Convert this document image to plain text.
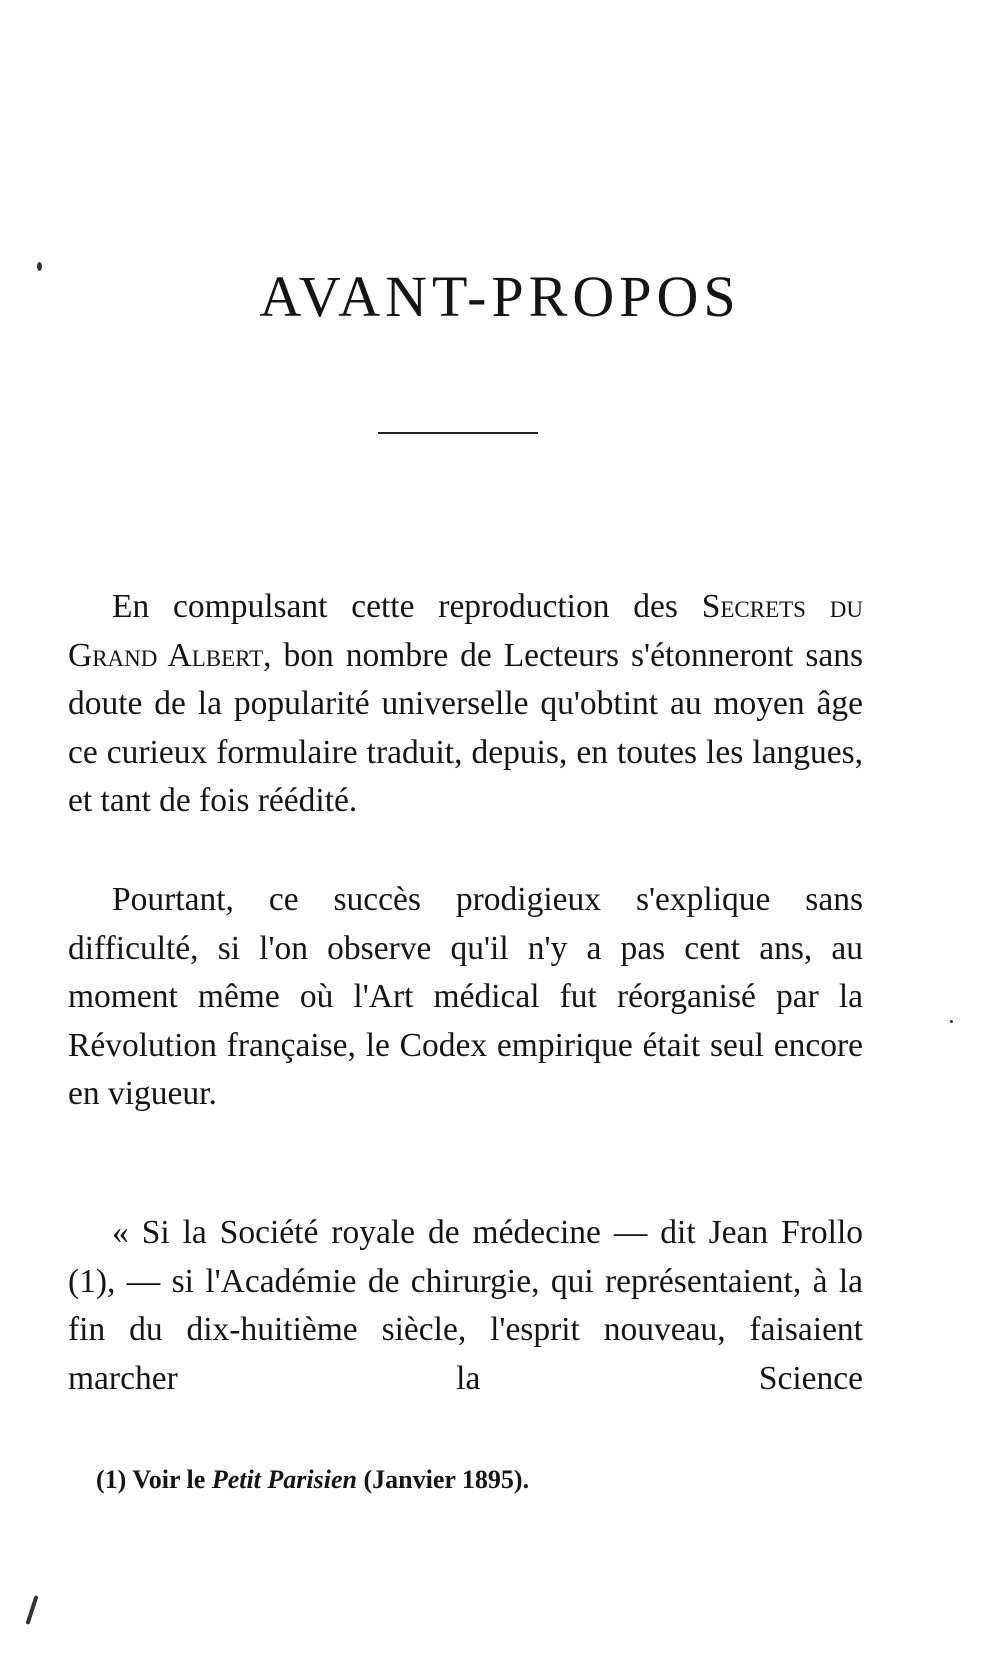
AVANT-PROPOS

En compulsant cette reproduction des Secrets du Grand Albert, bon nombre de Lecteurs s'étonneront sans doute de la popularité universelle qu'obtint au moyen âge ce curieux formulaire traduit, depuis, en toutes les langues, et tant de fois réédité.

Pourtant, ce succès prodigieux s'explique sans difficulté, si l'on observe qu'il n'y a pas cent ans, au moment même où l'Art médical fut réorganisé par la Révolution française, le Codex empirique était seul encore en vigueur.

« Si la Société royale de médecine — dit Jean Frollo (1), — si l'Académie de chirurgie, qui représentaient, à la fin du dix-huitième siècle, l'esprit nouveau, faisaient marcher la Science

(1) Voir le Petit Parisien (Janvier 1895).
